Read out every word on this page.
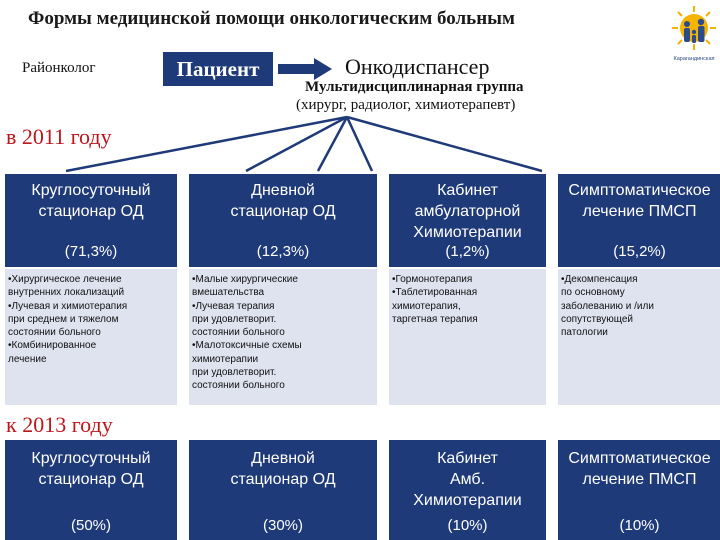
Формы медицинской помощи онкологическим больным
Карагандинская
Районколог	Пациент	Онкодиспансер
Мультидисциплинарная группа
(хирург, радиолог, химиотерапевт)
в 2011 году
Круглосуточный
стационар ОД
(71,3%)
•Хирургическое лечение
внутренних локализаций
•Лучевая и химиотерапия
при среднем и тяжелом
состоянии больного
•Комбинированное
лечение
Дневной
стационар ОД
(12,3%)
•Малые хирургические
вмешательства
•Лучевая терапия
при удовлетворит.
состоянии больного
•Малотоксичные схемы
химиотерапии
при удовлетворит.
состоянии больного
Кабинет
амбулаторной
Химиотерапии
(1,2%)
•Гормонотерапия
•Таблетированная
химиотерапия,
таргетная терапия
Симптоматическое
лечение ПМСП
(15,2%)
•Декомпенсация
по основному
заболеванию и /или
сопутствующей
патологии
к 2013 году
Круглосуточный
стационар ОД
(50%)
Дневной
стационар ОД
(30%)
Кабинет
Амб.
Химиотерапии
(10%)
Симптоматическое
лечение ПМСП
(10%)
